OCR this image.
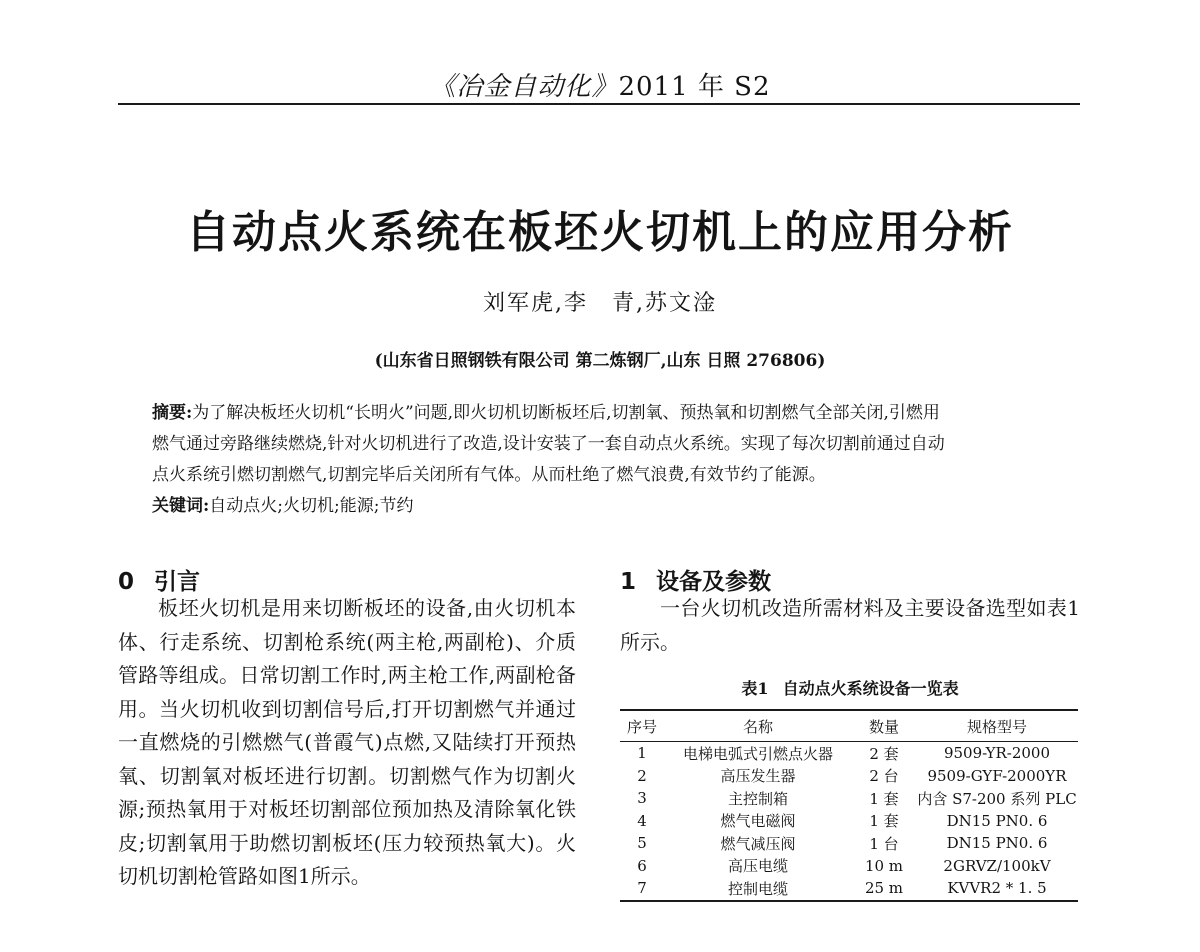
《冶金自动化》2011 年 S2
自动点火系统在板坯火切机上的应用分析
刘军虎,李　青,苏文淦
(山东省日照钢铁有限公司 第二炼钢厂,山东 日照 276806)
摘要:为了解决板坯火切机“长明火”问题,即火切机切断板坯后,切割氧、预热氧和切割燃气全部关闭,引燃用
燃气通过旁路继续燃烧,针对火切机进行了改造,设计安装了一套自动点火系统。实现了每次切割前通过自动
点火系统引燃切割燃气,切割完毕后关闭所有气体。从而杜绝了燃气浪费,有效节约了能源。
关键词:自动点火;火切机;能源;节约
0 引言
板坯火切机是用来切断板坯的设备,由火切机本体、行走系统、切割枪系统(两主枪,两副枪)、介质管路等组成。日常切割工作时,两主枪工作,两副枪备用。当火切机收到切割信号后,打开切割燃气并通过一直燃烧的引燃燃气(普霞气)点燃,又陆续打开预热氧、切割氧对板坯进行切割。切割燃气作为切割火源;预热氧用于对板坯切割部位预加热及清除氧化铁皮;切割氧用于助燃切割板坯(压力较预热氧大)。火切机切割枪管路如图1所示。
1 设备及参数
一台火切机改造所需材料及主要设备选型如表1所示。
表1 自动点火系统设备一览表
序号	名称	数量	规格型号
1	电梯电弧式引燃点火器	2 套	9509-YR-2000
2	高压发生器	2 台	9509-GYF-2000YR
3	主控制箱	1 套	内含 S7-200 系列 PLC
4	燃气电磁阀	1 套	DN15 PN0. 6
5	燃气减压阀	1 台	DN15 PN0. 6
6	高压电缆	10 m	2GRVZ/100kV
7	控制电缆	25 m	KVVR2 * 1. 5
